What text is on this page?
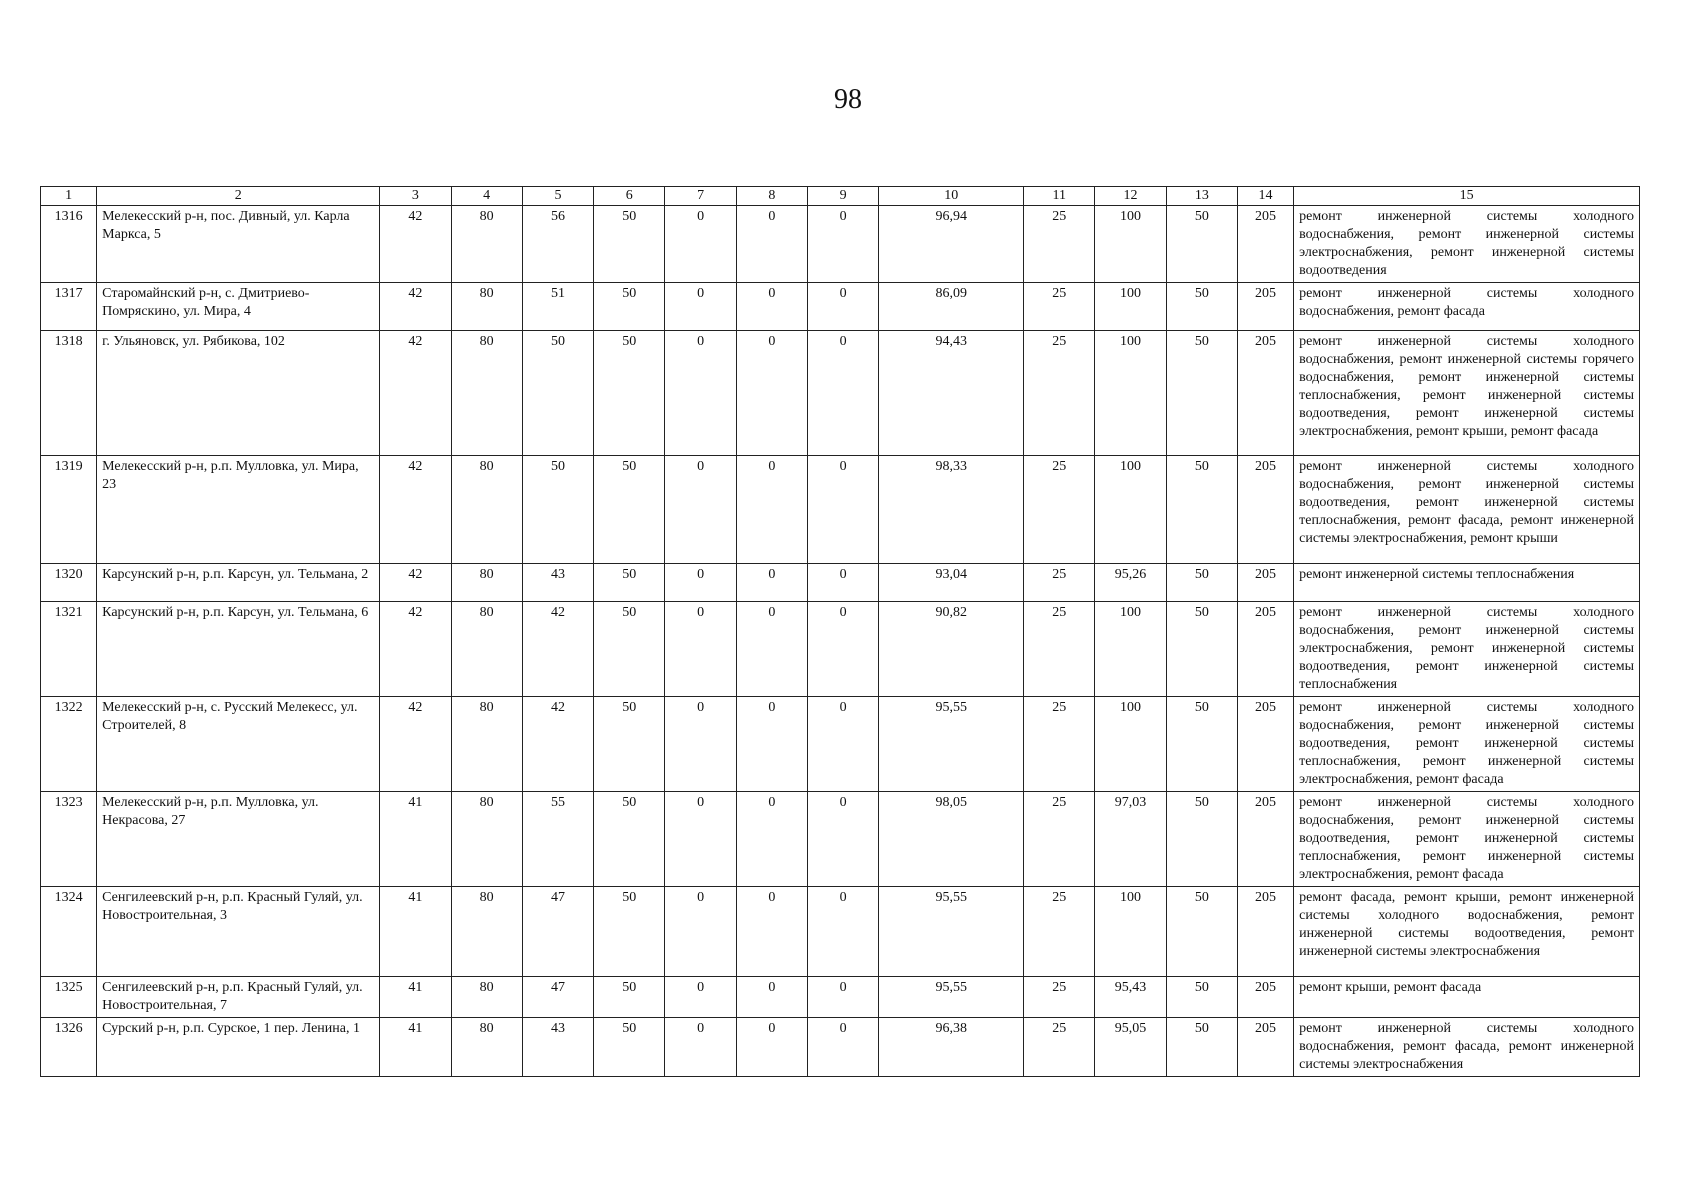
98
1	2	3	4	5	6	7	8	9	10	11	12	13	14	15
1316	Мелекесский р-н, пос. Дивный, ул. Карла Маркса, 5	42	80	56	50	0	0	0	96,94	25	100	50	205	ремонт инженерной системы холодного водоснабжения, ремонт инженерной системы электроснабжения, ремонт инженерной системы водоотведения
1317	Старомайнский р-н, с. Дмитриево-Помряскино, ул. Мира, 4	42	80	51	50	0	0	0	86,09	25	100	50	205	ремонт инженерной системы холодного водоснабжения, ремонт фасада
1318	г. Ульяновск, ул. Рябикова, 102	42	80	50	50	0	0	0	94,43	25	100	50	205	ремонт инженерной системы холодного водоснабжения, ремонт инженерной системы горячего водоснабжения, ремонт инженерной системы теплоснабжения, ремонт инженерной системы водоотведения, ремонт инженерной системы электроснабжения, ремонт крыши, ремонт фасада
1319	Мелекесский р-н, р.п. Мулловка, ул. Мира, 23	42	80	50	50	0	0	0	98,33	25	100	50	205	ремонт инженерной системы холодного водоснабжения, ремонт инженерной системы водоотведения, ремонт инженерной системы теплоснабжения, ремонт фасада, ремонт инженерной системы электроснабжения, ремонт крыши
1320	Карсунский р-н, р.п. Карсун, ул. Тельмана, 2	42	80	43	50	0	0	0	93,04	25	95,26	50	205	ремонт инженерной системы теплоснабжения
1321	Карсунский р-н, р.п. Карсун, ул. Тельмана, 6	42	80	42	50	0	0	0	90,82	25	100	50	205	ремонт инженерной системы холодного водоснабжения, ремонт инженерной системы электроснабжения, ремонт инженерной системы водоотведения, ремонт инженерной системы теплоснабжения
1322	Мелекесский р-н, с. Русский Мелекесс, ул. Строителей, 8	42	80	42	50	0	0	0	95,55	25	100	50	205	ремонт инженерной системы холодного водоснабжения, ремонт инженерной системы водоотведения, ремонт инженерной системы теплоснабжения, ремонт инженерной системы электроснабжения, ремонт фасада
1323	Мелекесский р-н, р.п. Мулловка, ул. Некрасова, 27	41	80	55	50	0	0	0	98,05	25	97,03	50	205	ремонт инженерной системы холодного водоснабжения, ремонт инженерной системы водоотведения, ремонт инженерной системы теплоснабжения, ремонт инженерной системы электроснабжения, ремонт фасада
1324	Сенгилеевский р-н, р.п. Красный Гуляй, ул. Новостроительная, 3	41	80	47	50	0	0	0	95,55	25	100	50	205	ремонт фасада, ремонт крыши, ремонт инженерной системы холодного водоснабжения, ремонт инженерной системы водоотведения, ремонт инженерной системы электроснабжения
1325	Сенгилеевский р-н, р.п. Красный Гуляй, ул. Новостроительная, 7	41	80	47	50	0	0	0	95,55	25	95,43	50	205	ремонт крыши, ремонт фасада
1326	Сурский р-н, р.п. Сурское, 1 пер. Ленина, 1	41	80	43	50	0	0	0	96,38	25	95,05	50	205	ремонт инженерной системы холодного водоснабжения, ремонт фасада, ремонт инженерной системы электроснабжения
